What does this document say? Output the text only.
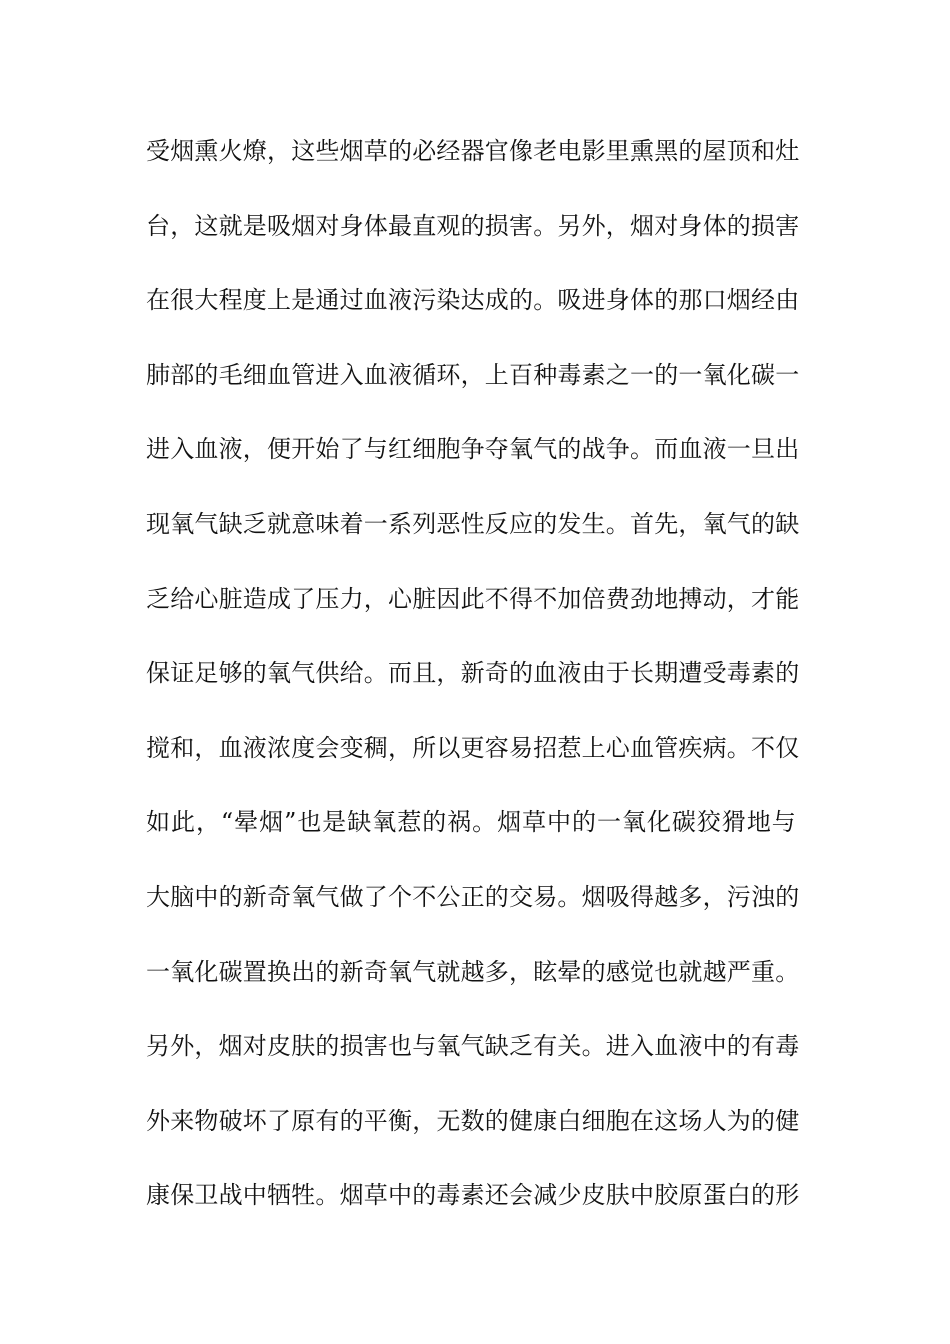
受烟熏火燎，这些烟草的必经器官像老电影里熏黑的屋顶和灶
台，这就是吸烟对身体最直观的损害。另外，烟对身体的损害
在很大程度上是通过血液污染达成的。吸进身体的那口烟经由
肺部的毛细血管进入血液循环，上百种毒素之一的一氧化碳一
进入血液，便开始了与红细胞争夺氧气的战争。而血液一旦出
现氧气缺乏就意味着一系列恶性反应的发生。首先，氧气的缺
乏给心脏造成了压力，心脏因此不得不加倍费劲地搏动，才能
保证足够的氧气供给。而且，新奇的血液由于长期遭受毒素的
搅和，血液浓度会变稠，所以更容易招惹上心血管疾病。不仅
如此，“晕烟”也是缺氧惹的祸。烟草中的一氧化碳狡猾地与
大脑中的新奇氧气做了个不公正的交易。烟吸得越多，污浊的
一氧化碳置换出的新奇氧气就越多，眩晕的感觉也就越严重。
另外，烟对皮肤的损害也与氧气缺乏有关。进入血液中的有毒
外来物破坏了原有的平衡，无数的健康白细胞在这场人为的健
康保卫战中牺牲。烟草中的毒素还会减少皮肤中胶原蛋白的形
